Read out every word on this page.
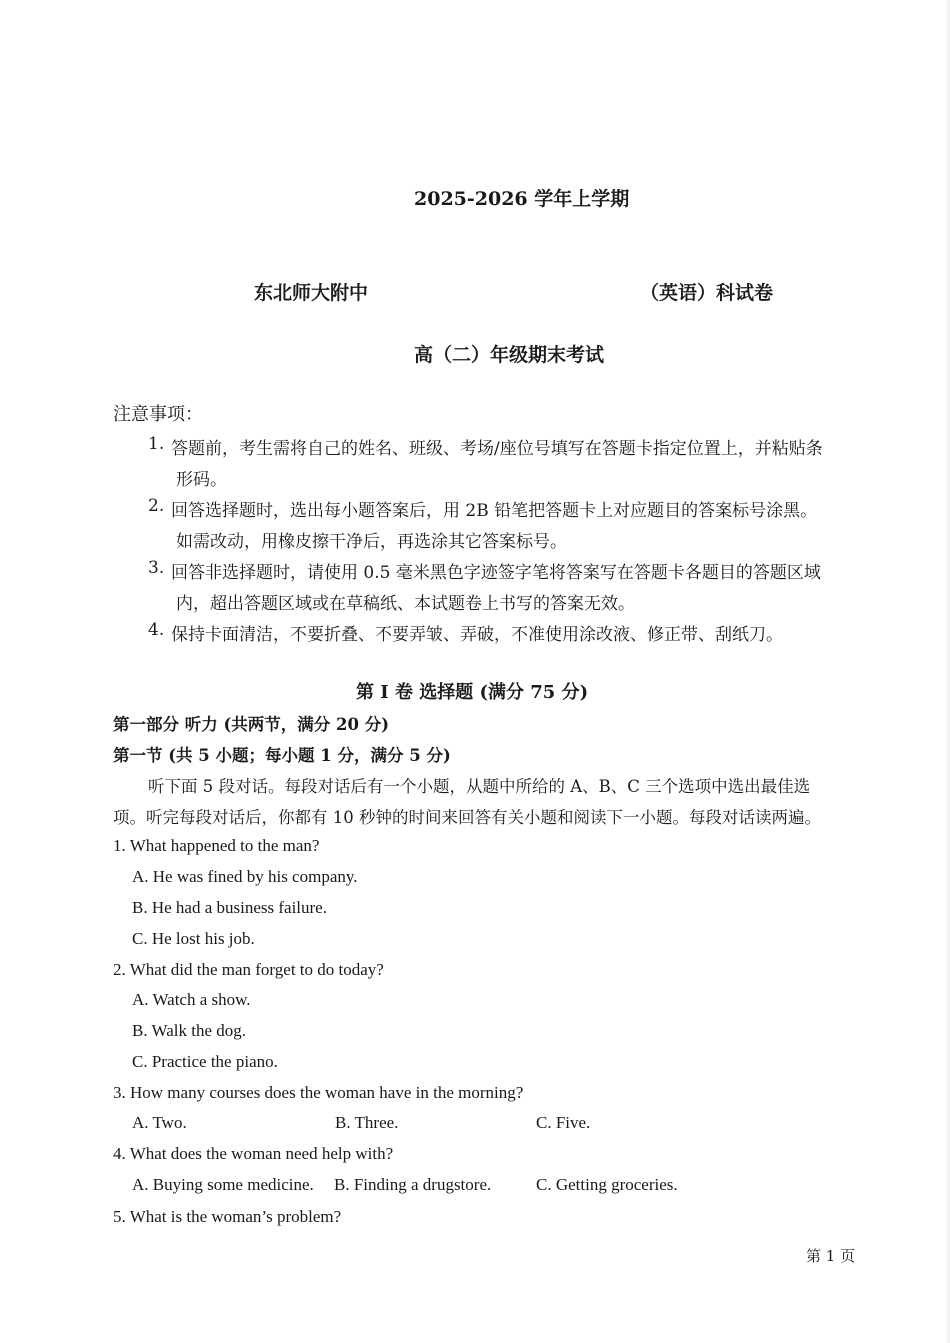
2025-2026 学年上学期
东北师大附中	（英语）科试卷
高（二）年级期末考试
注意事项：
1. 答题前，考生需将自己的姓名、班级、考场/座位号填写在答题卡指定位置上，并粘贴条
形码。
2. 回答选择题时，选出每小题答案后，用 2B 铅笔把答题卡上对应题目的答案标号涂黑。
如需改动，用橡皮擦干净后，再选涂其它答案标号。
3. 回答非选择题时，请使用 0.5 毫米黑色字迹签字笔将答案写在答题卡各题目的答题区域
内，超出答题区域或在草稿纸、本试题卷上书写的答案无效。
4. 保持卡面清洁，不要折叠、不要弄皱、弄破，不准使用涂改液、修正带、刮纸刀。
第 I 卷 选择题 (满分 75 分)
第一部分 听力 (共两节，满分 20 分)
第一节 (共 5 小题；每小题 1 分，满分 5 分)
听下面 5 段对话。每段对话后有一个小题，从题中所给的 A、B、C 三个选项中选出最佳选
项。听完每段对话后，你都有 10 秒钟的时间来回答有关小题和阅读下一小题。每段对话读两遍。
1. What happened to the man?
A. He was fined by his company.
B. He had a business failure.
C. He lost his job.
2. What did the man forget to do today?
A. Watch a show.
B. Walk the dog.
C. Practice the piano.
3. How many courses does the woman have in the morning?
A. Two.	B. Three.	C. Five.
4. What does the woman need help with?
A. Buying some medicine. B. Finding a drugstore.	C. Getting groceries.
5. What is the woman’s problem?
第 1 页
